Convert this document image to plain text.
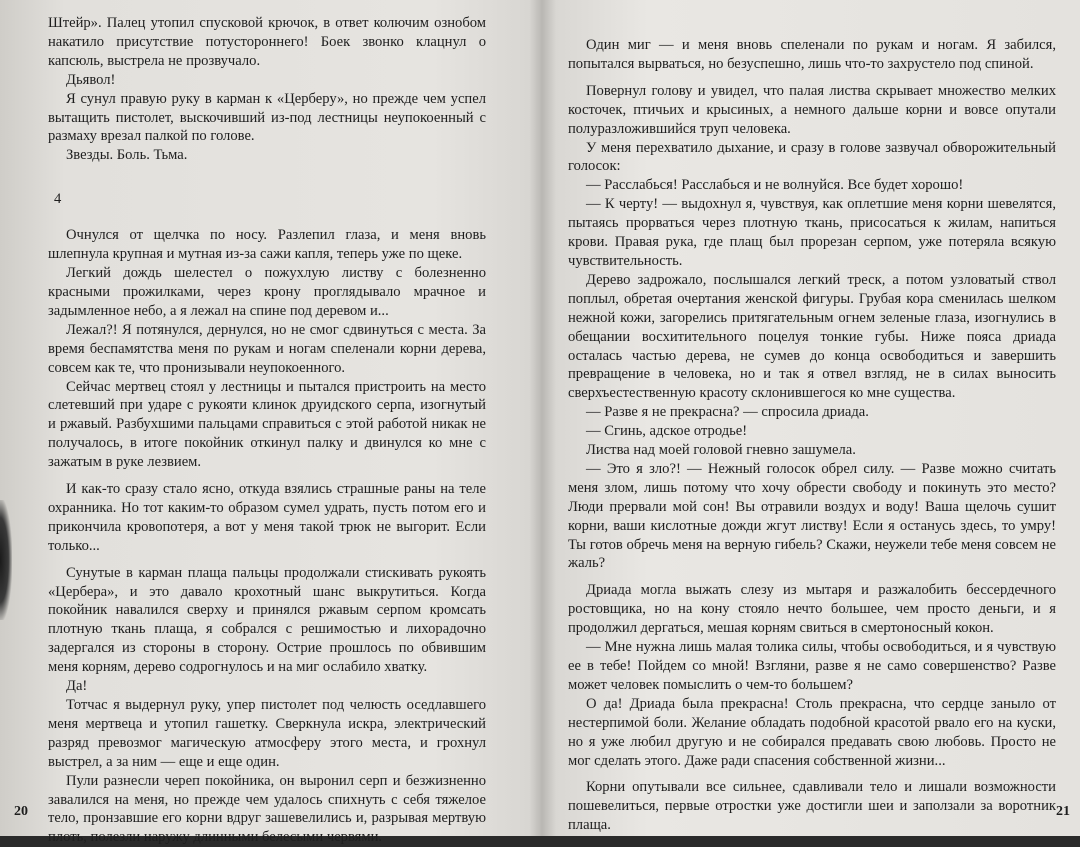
Штейр». Палец утопил спусковой крючок, в ответ колючим ознобом накатило присутствие потустороннего! Боек звонко клацнул о капсюль, выстрела не прозвучало.

Дьявол!

Я сунул правую руку в карман к «Церберу», но прежде чем успел вытащить пистолет, выскочивший из-под лестницы неупокоенный с размаху врезал палкой по голове.

Звезды. Боль. Тьма.

4

Очнулся от щелчка по носу. Разлепил глаза, и меня вновь шлепнула крупная и мутная из-за сажи капля, теперь уже по щеке.

Легкий дождь шелестел о пожухлую листву с болезненно красными прожилками, через крону проглядывало мрачное и задымленное небо, а я лежал на спине под деревом и...

Лежал?! Я потянулся, дернулся, но не смог сдвинуться с места. За время беспамятства меня по рукам и ногам спеленали корни дерева, совсем как те, что пронизывали неупокоенного.

Сейчас мертвец стоял у лестницы и пытался пристроить на место слетевший при ударе с рукояти клинок друидского серпа, изогнутый и ржавый. Разбухшими пальцами справиться с этой работой никак не получалось, в итоге покойник откинул палку и двинулся ко мне с зажатым в руке лезвием.

И как-то сразу стало ясно, откуда взялись страшные раны на теле охранника. Но тот каким-то образом сумел удрать, пусть потом его и прикончила кровопотеря, а вот у меня такой трюк не выгорит. Если только...

Сунутые в карман плаща пальцы продолжали стискивать рукоять «Цербера», и это давало крохотный шанс выкрутиться. Когда покойник навалился сверху и принялся ржавым серпом кромсать плотную ткань плаща, я собрался с решимостью и лихорадочно задергался из стороны в сторону. Острие прошлось по обвившим меня корням, дерево содрогнулось и на миг ослабило хватку.

Да!

Тотчас я выдернул руку, упер пистолет под челюсть оседлавшего меня мертвеца и утопил гашетку. Сверкнула искра, электрический разряд превозмог магическую атмосферу этого места, и грохнул выстрел, а за ним — еще и еще один.

Пули разнесли череп покойника, он выронил серп и безжизненно завалился на меня, но прежде чем удалось спихнуть с себя тяжелое тело, пронзавшие его корни вдруг зашевелились и, разрывая мертвую плоть, полезли наружу длинными белесыми червями.

20

Один миг — и меня вновь спеленали по рукам и ногам. Я забился, попытался вырваться, но безуспешно, лишь что-то захрустело под спиной.

Повернул голову и увидел, что палая листва скрывает множество мелких косточек, птичьих и крысиных, а немного дальше корни и вовсе опутали полуразложившийся труп человека.

У меня перехватило дыхание, и сразу в голове зазвучал обворожительный голосок:

— Расслабься! Расслабься и не волнуйся. Все будет хорошо!

— К черту! — выдохнул я, чувствуя, как оплетшие меня корни шевелятся, пытаясь прорваться через плотную ткань, присосаться к жилам, напиться крови. Правая рука, где плащ был прорезан серпом, уже потеряла всякую чувствительность.

Дерево задрожало, послышался легкий треск, а потом узловатый ствол поплыл, обретая очертания женской фигуры. Грубая кора сменилась шелком нежной кожи, загорелись притягательным огнем зеленые глаза, изогнулись в обещании восхитительного поцелуя тонкие губы. Ниже пояса дриада осталась частью дерева, не сумев до конца освободиться и завершить превращение в человека, но и так я отвел взгляд, не в силах выносить сверхъестественную красоту склонившегося ко мне существа.

— Разве я не прекрасна? — спросила дриада.

— Сгинь, адское отродье!

Листва над моей головой гневно зашумела.

— Это я зло?! — Нежный голосок обрел силу. — Разве можно считать меня злом, лишь потому что хочу обрести свободу и покинуть это место? Люди прервали мой сон! Вы отравили воздух и воду! Ваша щелочь сушит корни, ваши кислотные дожди жгут листву! Если я останусь здесь, то умру! Ты готов обречь меня на верную гибель? Скажи, неужели тебе меня совсем не жаль?

Дриада могла выжать слезу из мытаря и разжалобить бессердечного ростовщика, но на кону стояло нечто большее, чем просто деньги, и я продолжил дергаться, мешая корням свиться в смертоносный кокон.

— Мне нужна лишь малая толика силы, чтобы освободиться, и я чувствую ее в тебе! Пойдем со мной! Взгляни, разве я не само совершенство? Разве может человек помыслить о чем-то большем?

О да! Дриада была прекрасна! Столь прекрасна, что сердце заныло от нестерпимой боли. Желание обладать подобной красотой рвало его на куски, но я уже любил другую и не собирался предавать свою любовь. Просто не мог сделать этого. Даже ради спасения собственной жизни...

Корни опутывали все сильнее, сдавливали тело и лишали возможности пошевелиться, первые отростки уже достигли шеи и заползали за воротник плаща.

21
